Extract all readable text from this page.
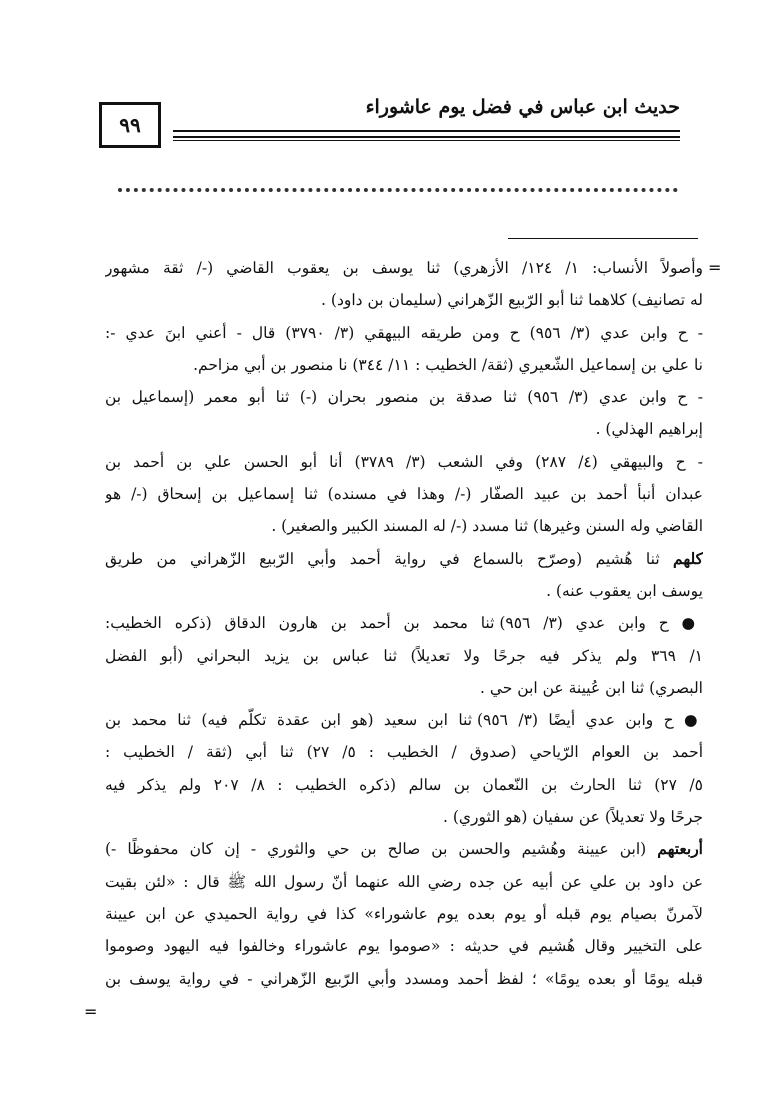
٩٩
حديث ابن عباس في فضل يوم عاشوراء
=
=
وأصولاً الأنساب: ١/ ١٢٤/ الأزهري) ثنا يوسف بن يعقوب القاضي (-/ ثقة مشهور
له تصانيف) كلاهما ثنا أبو الرّبيع الزّهراني (سليمان بن داود) .
- ح وابن عدي (٣/ ٩٥٦) ح ومن طريقه البيهقي (٣/ ٣٧٩٠) قال - أعني ابنَ عدي -:
نا علي بن إسماعيل الشّعيري (ثقة/ الخطيب : ١١/ ٣٤٤) نا منصور بن أبي مزاحم.
- ح وابن عدي (٣/ ٩٥٦) ثنا صدقة بن منصور بحران (-) ثنا أبو معمر (إسماعيل بن
إبراهيم الهذلي) .
- ح والبيهقي (٤/ ٢٨٧) وفي الشعب (٣/ ٣٧٨٩) أنا أبو الحسن علي بن أحمد بن
عبدان أنبأ أحمد بن عبيد الصفّار (-/ وهذا في مسنده) ثنا إسماعيل بن إسحاق (-/ هو
القاضي وله السنن وغيرها) ثنا مسدد (-/ له المسند الكبير والصغير) .
كلهم ثنا هُشيم (وصرّح بالسماع في رواية أحمد وأبي الرّبيع الزّهراني من طريق
يوسف ابن يعقوب عنه) .
● ح وابن عدي (٣/ ٩٥٦) ثنا محمد بن أحمد بن هارون الدقاق (ذكره الخطيب:
١/ ٣٦٩ ولم يذكر فيه جرحًا ولا تعديلاً) ثنا عباس بن يزيد البحراني (أبو الفضل
البصري) ثنا ابن عُيينة عن ابن حي .
● ح وابن عدي أيضًا (٣/ ٩٥٦) ثنا ابن سعيد (هو ابن عقدة تكلّم فيه) ثنا محمد بن
أحمد بن العوام الرّياحي (صدوق / الخطيب : ٥/ ٢٧) ثنا أبي (ثقة / الخطيب :
٥/ ٢٧) ثنا الحارث بن النّعمان بن سالم (ذكره الخطيب : ٨/ ٢٠٧ ولم يذكر فيه
جرحًا ولا تعديلاً) عن سفيان (هو الثوري) .
أربعتهم (ابن عيينة وهُشيم والحسن بن صالح بن حي والثوري - إن كان محفوظًا -)
عن داود بن علي عن أبيه عن جده رضي الله عنهما أنّ رسول الله ﷺ قال : «لئن بقيت
لآمرنّ بصيام يوم قبله أو يوم بعده يوم عاشوراء» كذا في رواية الحميدي عن ابن عيينة
على التخيير وقال هُشيم في حديثه : «صوموا يوم عاشوراء وخالفوا فيه اليهود وصوموا
قبله يومًا أو بعده يومًا» ؛ لفظ أحمد ومسدد وأبي الرّبيع الزّهراني - في رواية يوسف بن
